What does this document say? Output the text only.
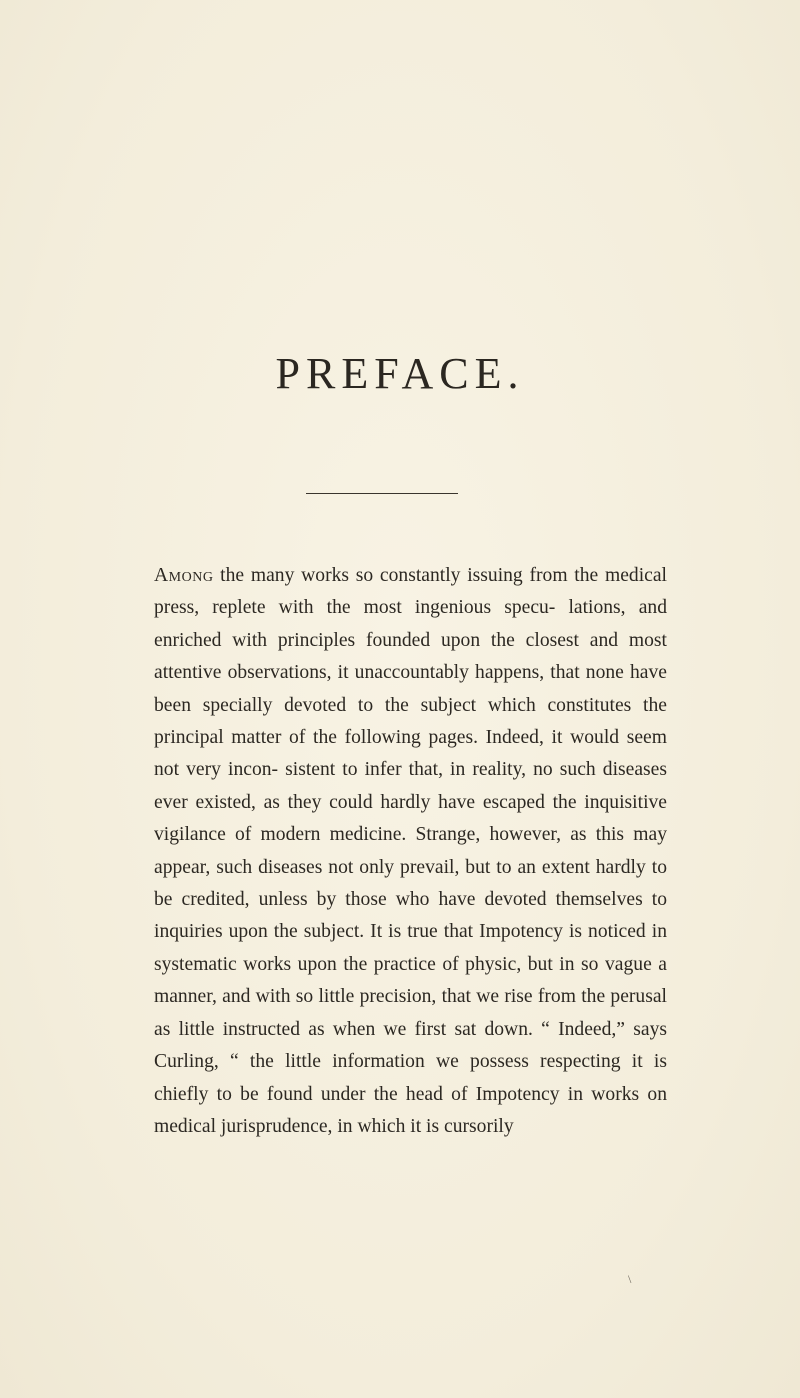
PREFACE.

Among the many works so constantly issuing from the medical press, replete with the most ingenious specu- lations, and enriched with principles founded upon the closest and most attentive observations, it unaccountably happens, that none have been specially devoted to the subject which constitutes the principal matter of the following pages. Indeed, it would seem not very incon- sistent to infer that, in reality, no such diseases ever existed, as they could hardly have escaped the inquisitive vigilance of modern medicine. Strange, however, as this may appear, such diseases not only prevail, but to an extent hardly to be credited, unless by those who have devoted themselves to inquiries upon the subject. It is true that Impotency is noticed in systematic works upon the practice of physic, but in so vague a manner, and with so little precision, that we rise from the perusal as little instructed as when we first sat down. “ Indeed,” says Curling, “ the little information we possess respecting it is chiefly to be found under the head of Impotency in works on medical jurisprudence, in which it is cursorily

\
